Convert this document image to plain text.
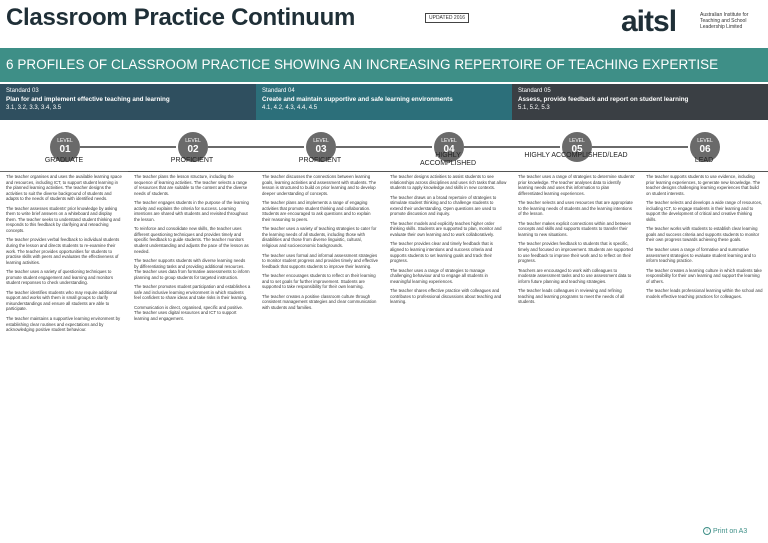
Classroom Practice Continuum	UPDATED 2016	aitsl	Australian Institute for Teaching and School Leadership Limited
6 PROFILES OF CLASSROOM PRACTICE SHOWING AN INCREASING REPERTOIRE OF TEACHING EXPERTISE
Standard 03
Plan for and implement effective teaching and learning
3.1, 3.2, 3.3, 3.4, 3.5
Standard 04
Create and maintain supportive and safe learning environments
4.1, 4.2, 4.3, 4.4, 4.5
Standard 05
Assess, provide feedback and report on student learning
5.1, 5.2, 5.3
LEVEL
01
LEVEL
02
LEVEL
03
LEVEL
04
LEVEL
05
LEVEL
06
GRADUATE	PROFICIENT	PROFICIENT
HIGHLY ACCOMPLISHED
HIGHLY ACCOMPLISHED/LEAD
LEAD

The teacher organises and uses the available learning space and resources, including ICT, to support student learning in the planned learning activities. The teacher designs the activities to suit the diverse background of students and adapts to the needs of students with identified needs.

The teacher assesses students' prior knowledge by asking them to write brief answers on a whiteboard and display them. The teacher seeks to understand student thinking and responds to this feedback by clarifying and reteaching concepts.

The teacher provides verbal feedback to individual students during the lesson and directs students to re-examine their work. The teacher provides opportunities for students to practise skills with peers and evaluates the effectiveness of learning activities.

The teacher uses a variety of questioning techniques to promote student engagement and learning and monitors student responses to check understanding.

The teacher identifies students who may require additional support and works with them in small groups to clarify misunderstandings and ensure all students are able to participate.

The teacher maintains a supportive learning environment by establishing clear routines and expectations and by acknowledging positive student behaviour.

The teacher plans the lesson structure, including the sequence of learning activities. The teacher selects a range of resources that are suitable to the content and the diverse needs of students.

The teacher engages students in the purpose of the learning activity and explains the criteria for success. Learning intentions are shared with students and revisited throughout the lesson.

To reinforce and consolidate new skills, the teacher uses different questioning techniques and provides timely and specific feedback to guide students. The teacher monitors student understanding and adjusts the pace of the lesson as needed.

The teacher supports students with diverse learning needs by differentiating tasks and providing additional resources. The teacher uses data from formative assessments to inform planning and to group students for targeted instruction.

The teacher promotes student participation and establishes a safe and inclusive learning environment in which students feel confident to share ideas and take risks in their learning.

Communication is direct, organised, specific and positive. The teacher uses digital resources and ICT to support learning and engagement.

The teacher discusses the connections between learning goals, learning activities and assessment with students. The lesson is structured to build on prior learning and to develop deeper understanding of concepts.

The teacher plans and implements a range of engaging activities that promote student thinking and collaboration. Students are encouraged to ask questions and to explain their reasoning to peers.

The teacher uses a variety of teaching strategies to cater for the learning needs of all students, including those with disabilities and those from diverse linguistic, cultural, religious and socioeconomic backgrounds.

The teacher uses formal and informal assessment strategies to monitor student progress and provides timely and effective feedback that supports students to improve their learning.

The teacher encourages students to reflect on their learning and to set goals for further improvement. Students are supported to take responsibility for their own learning.

The teacher creates a positive classroom culture through consistent management strategies and clear communication with students and families.

The teacher designs activities to assist students to see relationships across disciplines and uses rich tasks that allow students to apply knowledge and skills in new contexts.

The teacher draws on a broad repertoire of strategies to stimulate student thinking and to challenge students to extend their understanding. Open questions are used to promote discussion and inquiry.

The teacher models and explicitly teaches higher order thinking skills. Students are supported to plan, monitor and evaluate their own learning and to work collaboratively.

The teacher provides clear and timely feedback that is aligned to learning intentions and success criteria and supports students to set learning goals and track their progress.

The teacher uses a range of strategies to manage challenging behaviour and to engage all students in meaningful learning experiences.

The teacher shares effective practice with colleagues and contributes to professional discussions about teaching and learning.

The teacher uses a range of strategies to determine students' prior knowledge. The teacher analyses data to identify learning needs and uses this information to plan differentiated learning experiences.

The teacher selects and uses resources that are appropriate to the learning needs of students and the learning intentions of the lesson.

The teacher makes explicit connections within and between concepts and skills and supports students to transfer their learning to new situations.

The teacher provides feedback to students that is specific, timely and focused on improvement. Students are supported to use feedback to improve their work and to reflect on their progress.

Teachers are encouraged to work with colleagues to moderate assessment tasks and to use assessment data to inform future planning and teaching strategies.

The teacher leads colleagues in reviewing and refining teaching and learning programs to meet the needs of all students.

The teacher supports students to use evidence, including prior learning experiences, to generate new knowledge. The teacher designs challenging learning experiences that build on student interests.

The teacher selects and develops a wide range of resources, including ICT, to engage students in their learning and to support the development of critical and creative thinking skills.

The teacher works with students to establish clear learning goals and success criteria and supports students to monitor their own progress towards achieving these goals.

The teacher uses a range of formative and summative assessment strategies to evaluate student learning and to inform teaching practice.

The teacher creates a learning culture in which students take responsibility for their own learning and support the learning of others.

The teacher leads professional learning within the school and models effective teaching practices for colleagues.

i Print on A3
